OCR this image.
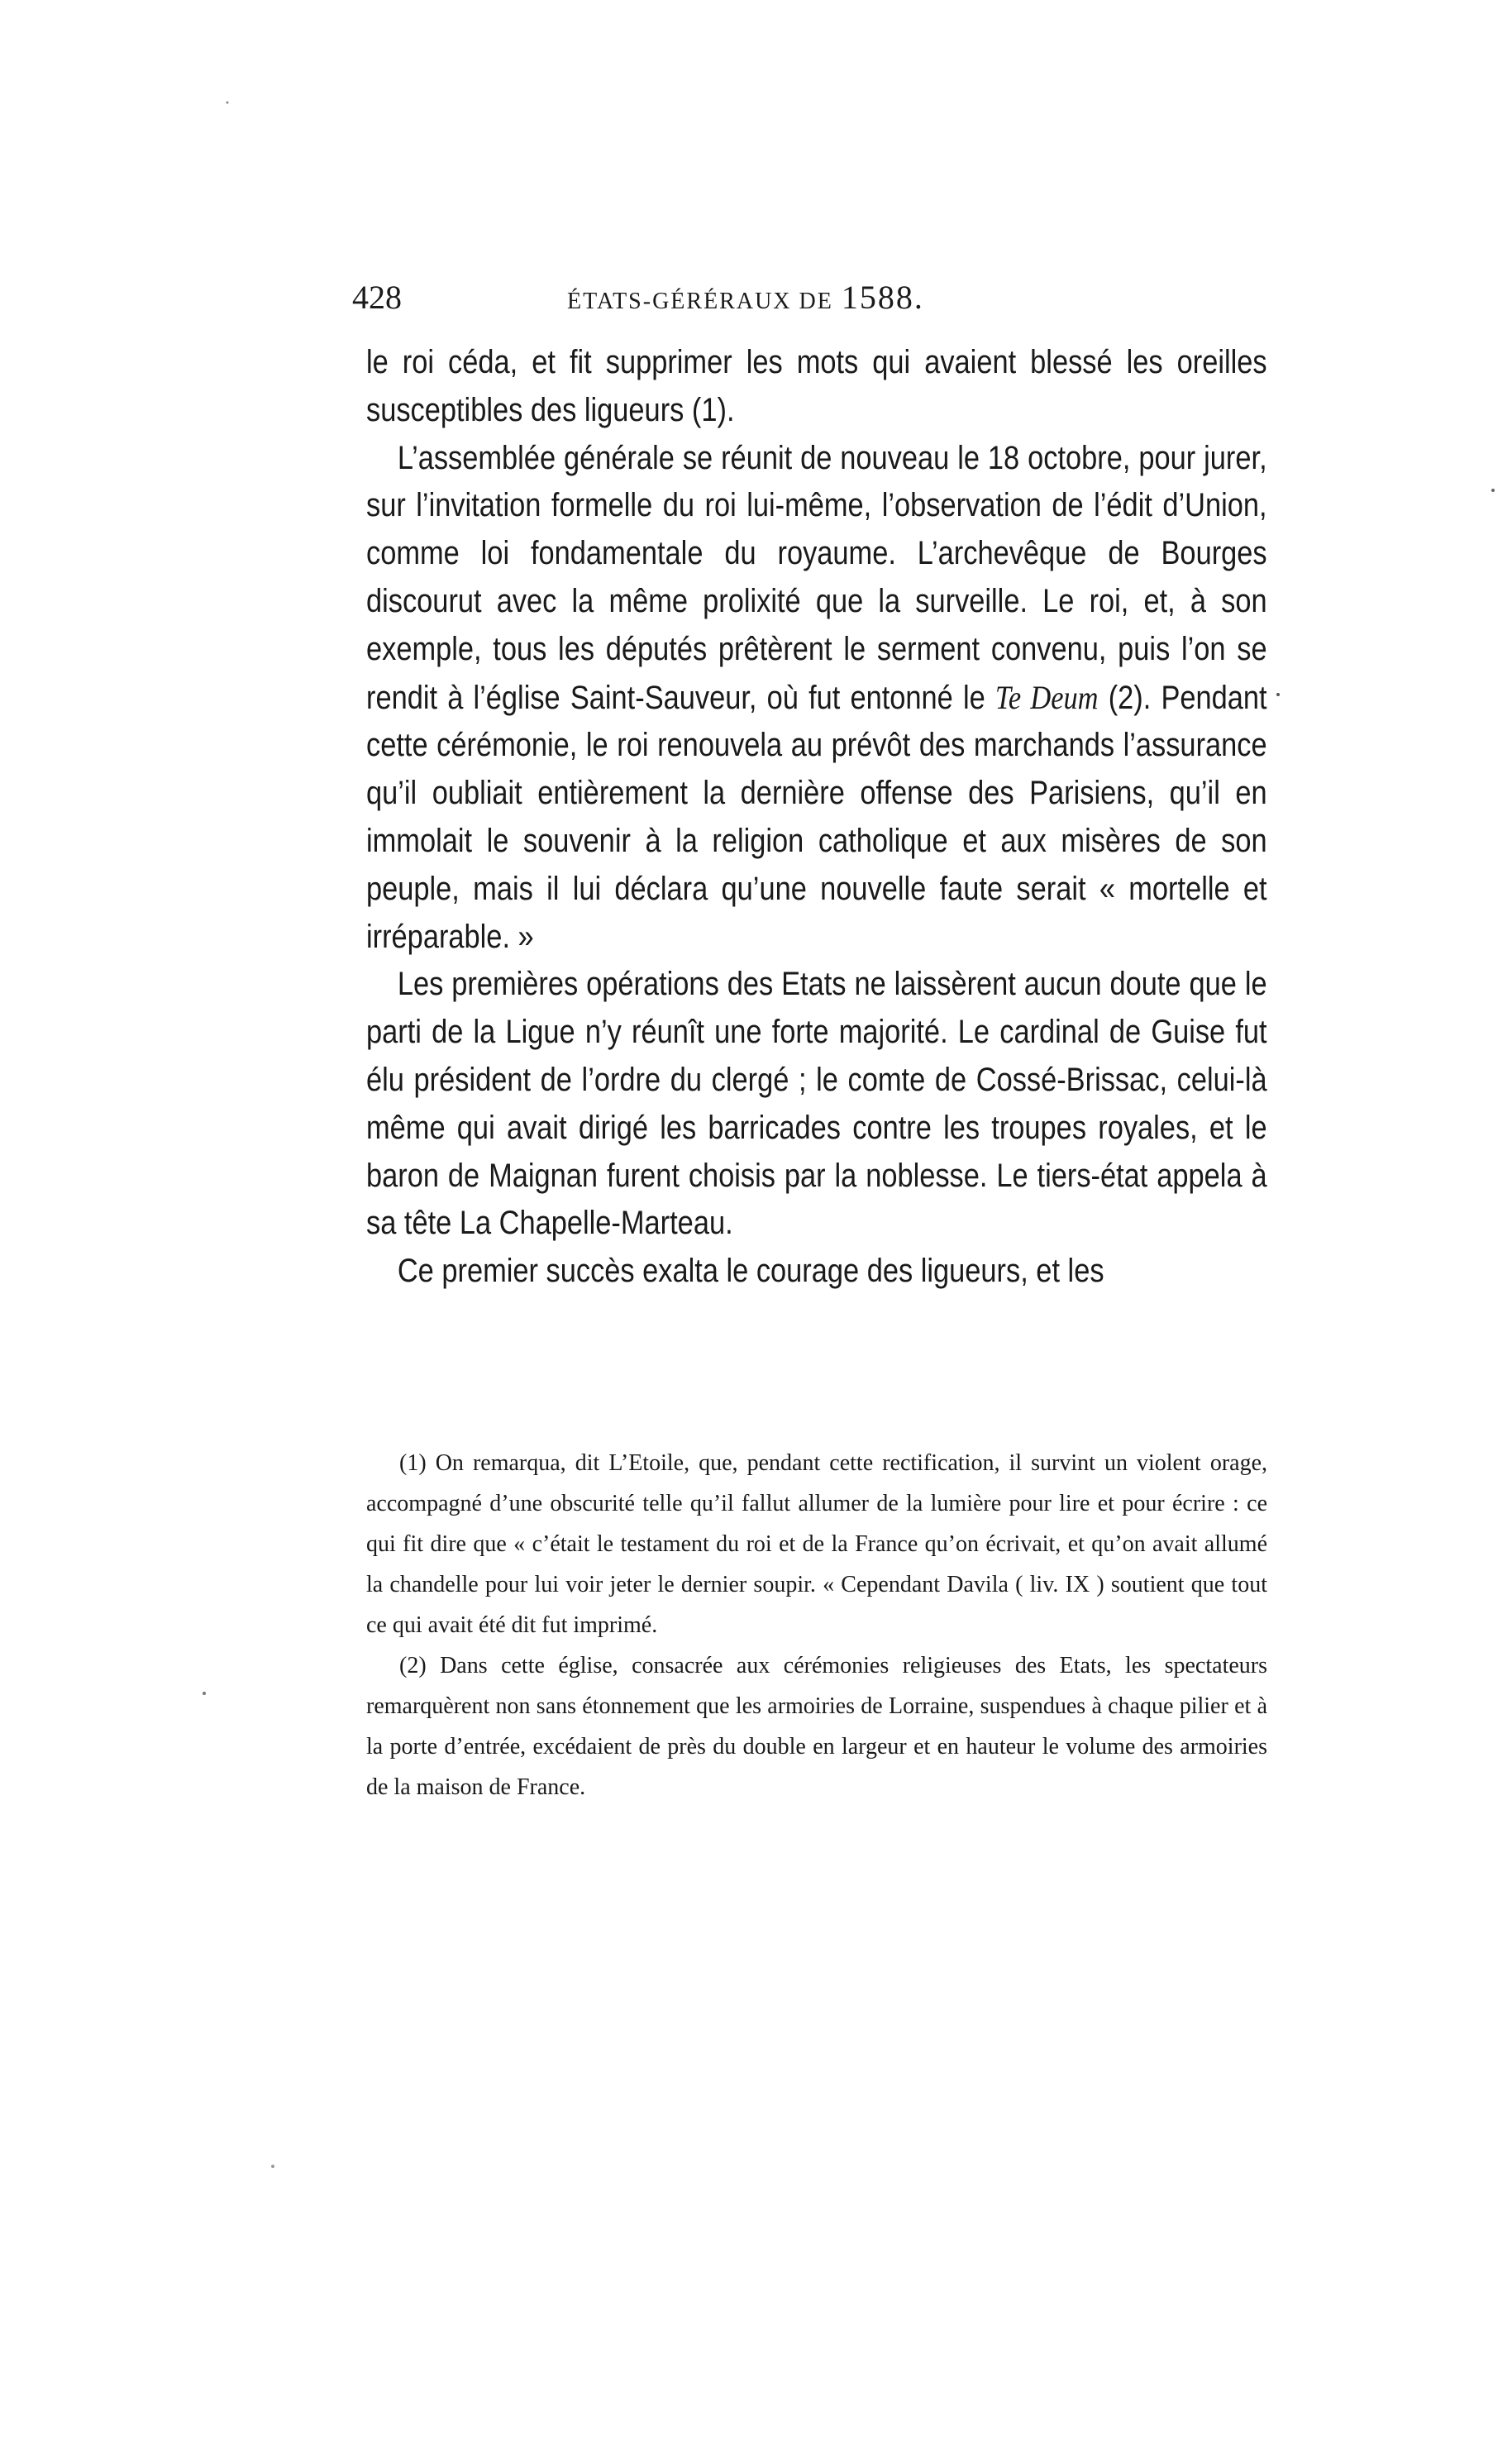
428	ÉTATS-GÉRÉRAUX DE 1588.

le roi céda, et fit supprimer les mots qui avaient blessé les oreilles susceptibles des ligueurs (1).

L’assemblée générale se réunit de nouveau le 18 octobre, pour jurer, sur l’invitation formelle du roi lui-même, l’observation de l’édit d’Union, comme loi fondamentale du royaume. L’archevêque de Bourges discourut avec la même prolixité que la surveille. Le roi, et, à son exemple, tous les députés prêtèrent le serment convenu, puis l’on se rendit à l’église Saint-Sauveur, où fut entonné le Te Deum (2). Pendant cette cérémonie, le roi renouvela au prévôt des marchands l’assurance qu’il oubliait entièrement la dernière offense des Parisiens, qu’il en immolait le souvenir à la religion catholique et aux misères de son peuple, mais il lui déclara qu’une nouvelle faute serait « mortelle et irréparable. »

Les premières opérations des Etats ne laissèrent aucun doute que le parti de la Ligue n’y réunît une forte majorité. Le cardinal de Guise fut élu président de l’ordre du clergé ; le comte de Cossé-Brissac, celui-là même qui avait dirigé les barricades contre les troupes royales, et le baron de Maignan furent choisis par la noblesse. Le tiers-état appela à sa tête La Chapelle-Marteau.

Ce premier succès exalta le courage des ligueurs, et les

(1) On remarqua, dit L’Etoile, que, pendant cette rectification, il survint un violent orage, accompagné d’une obscurité telle qu’il fallut allumer de la lumière pour lire et pour écrire : ce qui fit dire que « c’était le testament du roi et de la France qu’on écrivait, et qu’on avait allumé la chandelle pour lui voir jeter le dernier soupir. « Cependant Davila ( liv. IX ) soutient que tout ce qui avait été dit fut imprimé.

(2) Dans cette église, consacrée aux cérémonies religieuses des Etats, les spectateurs remarquèrent non sans étonnement que les armoiries de Lorraine, suspendues à chaque pilier et à la porte d’entrée, excédaient de près du double en largeur et en hauteur le volume des armoiries de la maison de France.
